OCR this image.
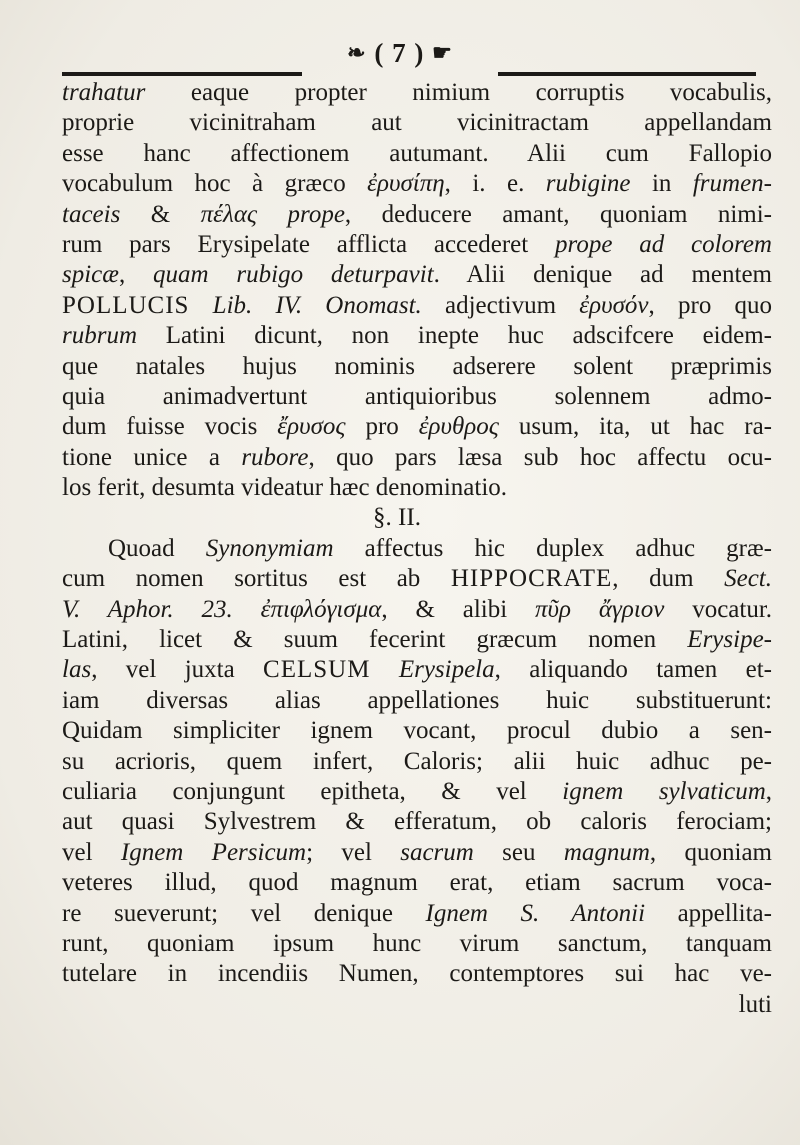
❧ ( 7 ) ☛
trahatur eaque propter nimium corruptis vocabulis,
proprie vicinitraham aut vicinitractam appellandam
esse hanc affectionem autumant. Alii cum Fallopio
vocabulum hoc à græco ἐρυσίπη, i. e. rubigine in frumen-
taceis & πέλας prope, deducere amant, quoniam nimi-
rum pars Erysipelate afflicta accederet prope ad colorem
spicæ, quam rubigo deturpavit. Alii denique ad mentem
POLLUCIS Lib. IV. Onomast. adjectivum ἐρυσόν, pro quo
rubrum Latini dicunt, non inepte huc adscifcere eidem-
que natales hujus nominis adserere solent præprimis
quia animadvertunt antiquioribus solennem admo-
dum fuisse vocis ἔρυσος pro ἐρυθρος usum, ita, ut hac ra-
tione unice a rubore, quo pars læsa sub hoc affectu ocu-
los ferit, desumta videatur hæc denominatio.
§. II.
Quoad Synonymiam affectus hic duplex adhuc græ-
cum nomen sortitus est ab HIPPOCRATE, dum Sect.
V. Aphor. 23. ἐπιφλόγισμα, & alibi πῦρ ἄγριον vocatur.
Latini, licet & suum fecerint græcum nomen Erysipe-
las, vel juxta CELSUM Erysipela, aliquando tamen et-
iam diversas alias appellationes huic substituerunt:
Quidam simpliciter ignem vocant, procul dubio a sen-
su acrioris, quem infert, Caloris; alii huic adhuc pe-
culiaria conjungunt epitheta, & vel ignem sylvaticum,
aut quasi Sylvestrem & efferatum, ob caloris ferociam;
vel Ignem Persicum; vel sacrum seu magnum, quoniam
veteres illud, quod magnum erat, etiam sacrum voca-
re sueverunt; vel denique Ignem S. Antonii appellita-
runt, quoniam ipsum hunc virum sanctum, tanquam
tutelare in incendiis Numen, contemptores sui hac ve-
luti
